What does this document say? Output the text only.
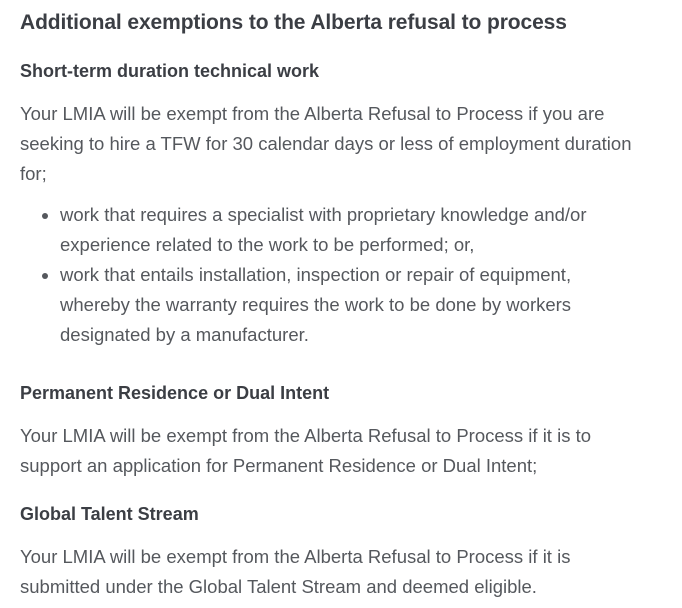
Additional exemptions to the Alberta refusal to process
Short-term duration technical work

Your LMIA will be exempt from the Alberta Refusal to Process if you are
seeking to hire a TFW for 30 calendar days or less of employment duration
for;

• work that requires a specialist with proprietary knowledge and/or
experience related to the work to be performed; or,
• work that entails installation, inspection or repair of equipment,
whereby the warranty requires the work to be done by workers
designated by a manufacturer.
Permanent Residence or Dual Intent

Your LMIA will be exempt from the Alberta Refusal to Process if it is to
support an application for Permanent Residence or Dual Intent;

Global Talent Stream

Your LMIA will be exempt from the Alberta Refusal to Process if it is
submitted under the Global Talent Stream and deemed eligible.
